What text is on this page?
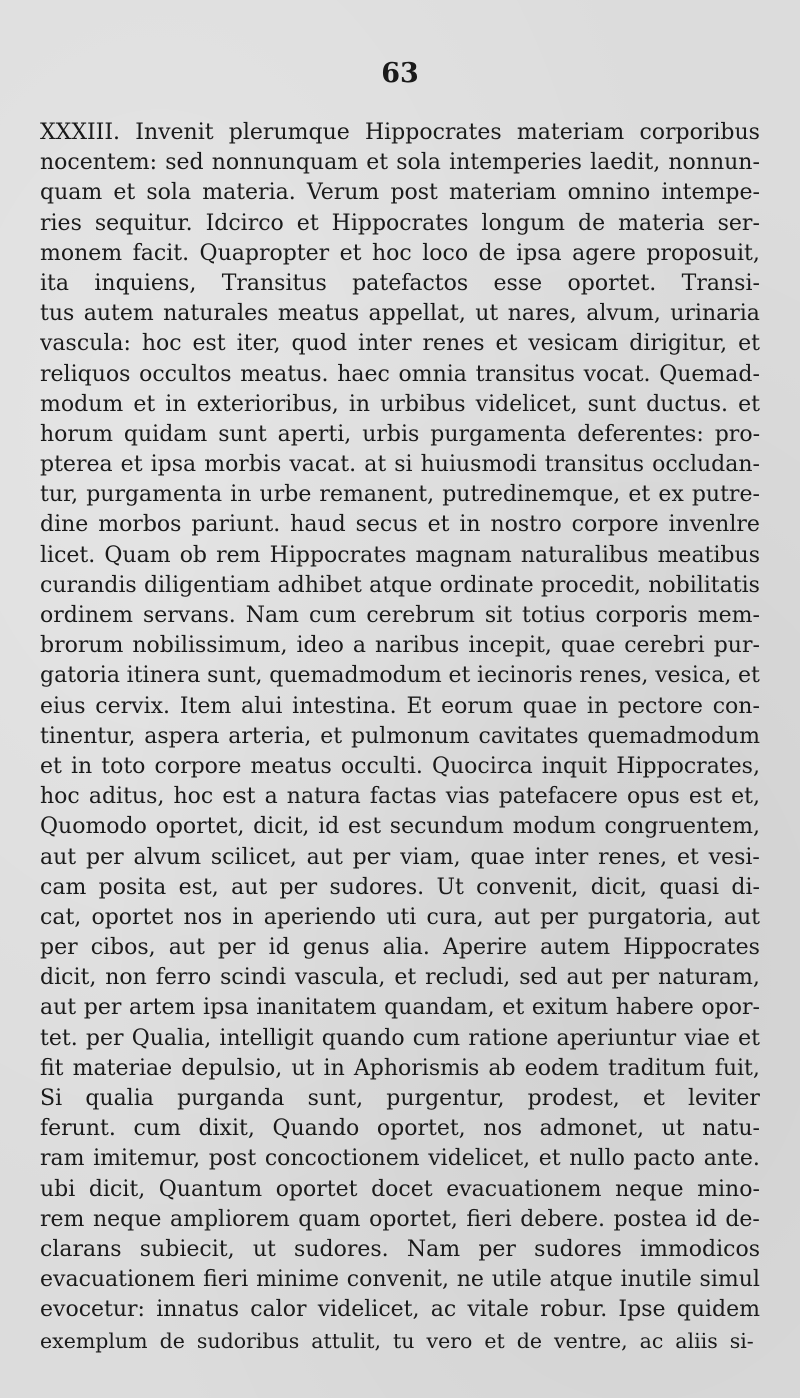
63
XXXIII. Invenit plerumque Hippocrates materiam corporibus
nocentem: sed nonnunquam et sola intemperies laedit, nonnun-
quam et sola materia. Verum post materiam omnino intempe-
ries sequitur. Idcirco et Hippocrates longum de materia ser-
monem facit. Quapropter et hoc loco de ipsa agere proposuit,
ita inquiens, Transitus patefactos esse oportet. Transi-
tus autem naturales meatus appellat, ut nares, alvum, urinaria
vascula: hoc est iter, quod inter renes et vesicam dirigitur, et
reliquos occultos meatus. haec omnia transitus vocat. Quemad-
modum et in exterioribus, in urbibus videlicet, sunt ductus. et
horum quidam sunt aperti, urbis purgamenta deferentes: pro-
pterea et ipsa morbis vacat. at si huiusmodi transitus occludan-
tur, purgamenta in urbe remanent, putredinemque, et ex putre-
dine morbos pariunt. haud secus et in nostro corpore invenlre
licet. Quam ob rem Hippocrates magnam naturalibus meatibus
curandis diligentiam adhibet atque ordinate procedit, nobilitatis
ordinem servans. Nam cum cerebrum sit totius corporis mem-
brorum nobilissimum, ideo a naribus incepit, quae cerebri pur-
gatoria itinera sunt, quemadmodum et iecinoris renes, vesica, et
eius cervix. Item alui intestina. Et eorum quae in pectore con-
tinentur, aspera arteria, et pulmonum cavitates quemadmodum
et in toto corpore meatus occulti. Quocirca inquit Hippocrates,
hoc aditus, hoc est a natura factas vias patefacere opus est et,
Quomodo oportet, dicit, id est secundum modum congruentem,
aut per alvum scilicet, aut per viam, quae inter renes, et vesi-
cam posita est, aut per sudores. Ut convenit, dicit, quasi di-
cat, oportet nos in aperiendo uti cura, aut per purgatoria, aut
per cibos, aut per id genus alia. Aperire autem Hippocrates
dicit, non ferro scindi vascula, et recludi, sed aut per naturam,
aut per artem ipsa inanitatem quandam, et exitum habere opor-
tet. per Qualia, intelligit quando cum ratione aperiuntur viae et
fit materiae depulsio, ut in Aphorismis ab eodem traditum fuit,
Si qualia purganda sunt, purgentur, prodest, et leviter
ferunt. cum dixit, Quando oportet, nos admonet, ut natu-
ram imitemur, post concoctionem videlicet, et nullo pacto ante.
ubi dicit, Quantum oportet docet evacuationem neque mino-
rem neque ampliorem quam oportet, fieri debere. postea id de-
clarans subiecit, ut sudores. Nam per sudores immodicos
evacuationem fieri minime convenit, ne utile atque inutile simul
evocetur: innatus calor videlicet, ac vitale robur. Ipse quidem
exemplum de sudoribus attulit, tu vero et de ventre, ac aliis si-
